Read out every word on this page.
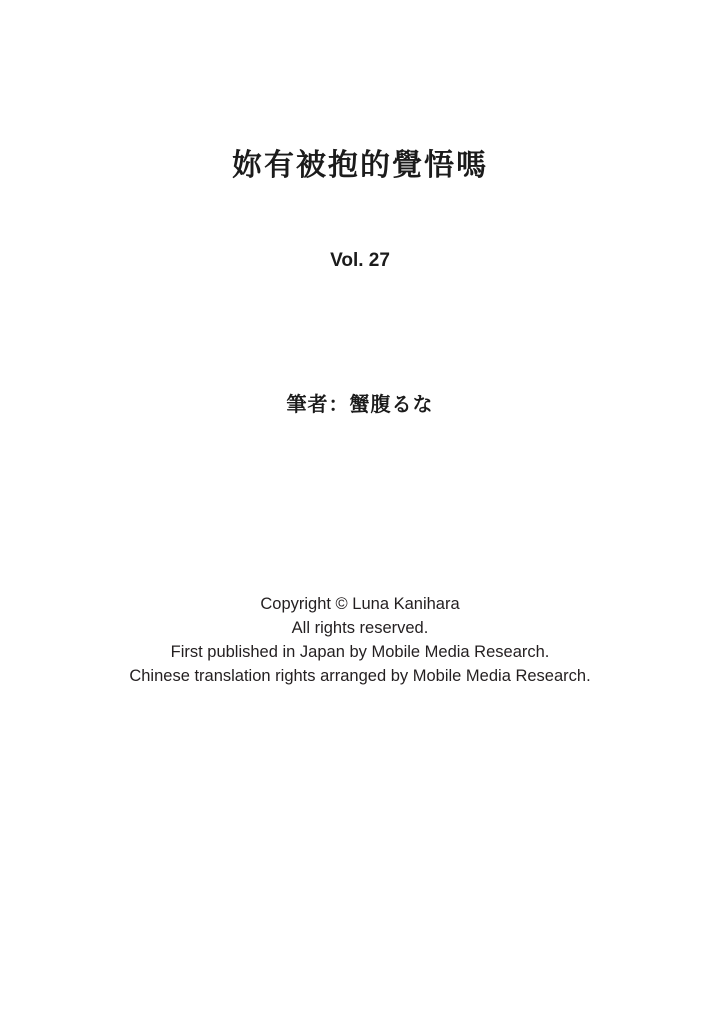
妳有被抱的覺悟嗎
Vol. 27
筆者：蟹腹るな
Copyright © Luna Kanihara
All rights reserved.
First published in Japan by Mobile Media Research.
Chinese translation rights arranged by Mobile Media Research.
